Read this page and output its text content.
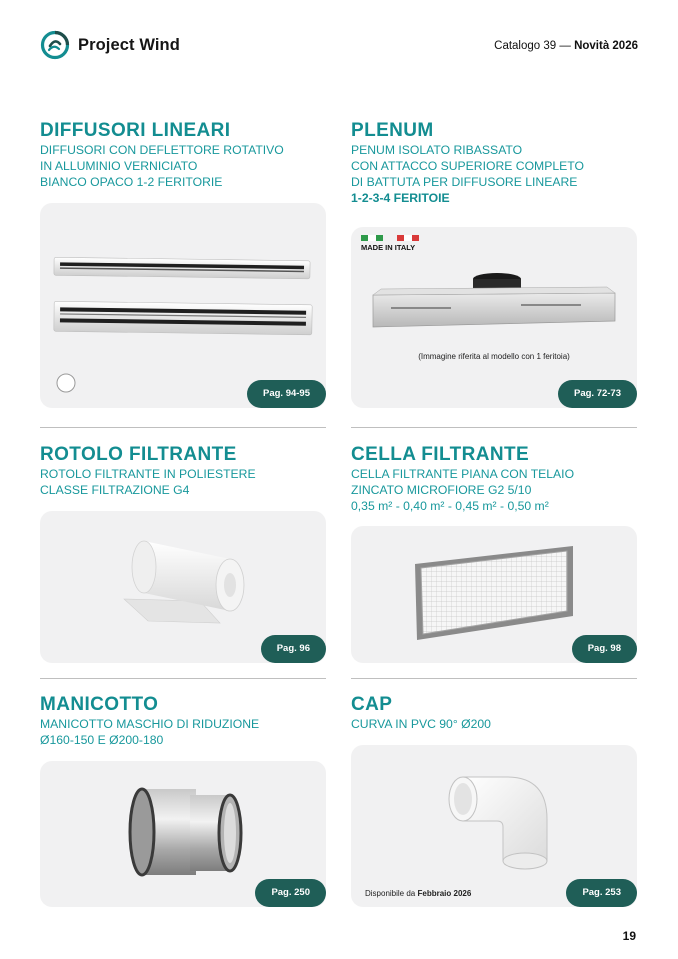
Project Wind	Catalogo 39 — Novità 2026
DIFFUSORI LINEARI
DIFFUSORI CON DEFLETTORE ROTATIVO
IN ALLUMINIO VERNICIATO
BIANCO OPACO 1-2 FERITORIE
Pag. 94-95
PLENUM
PENUM ISOLATO RIBASSATO
CON ATTACCO SUPERIORE COMPLETO
DI BATTUTA PER DIFFUSORE LINEARE
1-2-3-4 FERITOIE
MADE IN ITALY
(Immagine riferita al modello con 1 feritoia)
Pag. 72-73
ROTOLO FILTRANTE
ROTOLO FILTRANTE IN POLIESTERE
CLASSE FILTRAZIONE G4
Pag. 96
CELLA FILTRANTE
CELLA FILTRANTE PIANA CON TELAIO
ZINCATO MICROFIORE G2 5/10
0,35 m² - 0,40 m² - 0,45 m² - 0,50 m²
Pag. 98
MANICOTTO
MANICOTTO MASCHIO DI RIDUZIONE
Ø160-150 E Ø200-180
Pag. 250
CAP
CURVA IN PVC 90° Ø200
Disponibile da Febbraio 2026	Pag. 253
19
